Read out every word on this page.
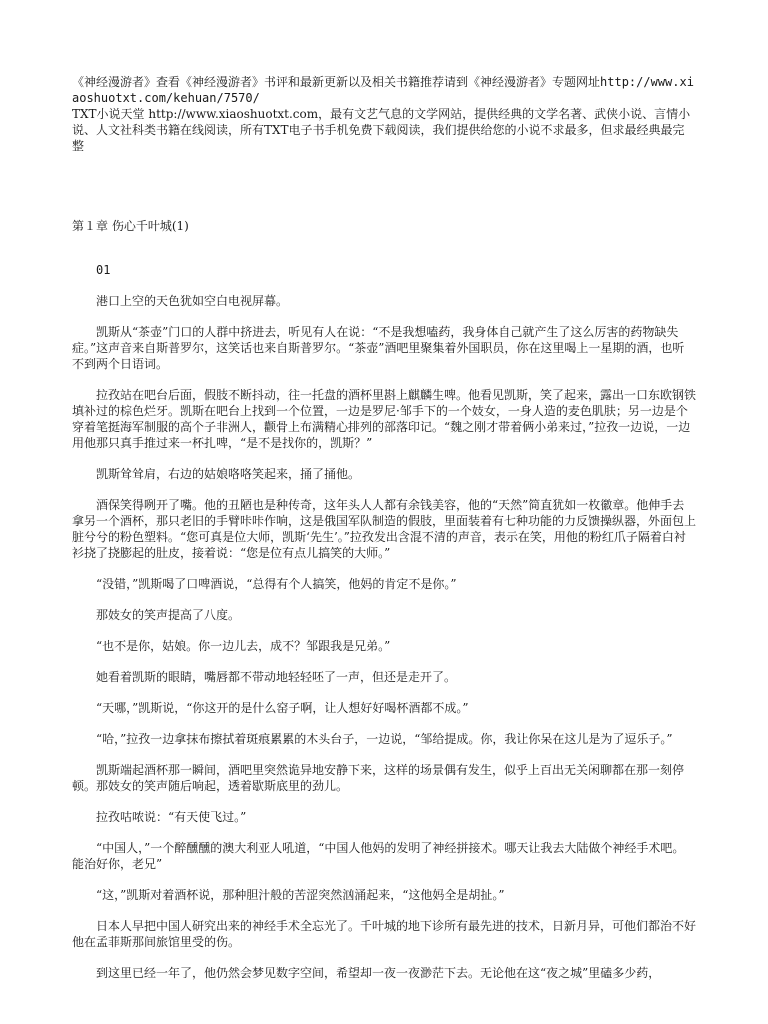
《神经漫游者》查看《神经漫游者》书评和最新更新以及相关书籍推荐请到《神经漫游者》专题网址http://www.xiaoshuotxt.com/kehuan/7570/

TXT小说天堂 http://www.xiaoshuotxt.com，最有文艺气息的文学网站，提供经典的文学名著、武侠小说、言情小说、人文社科类书籍在线阅读，所有TXT电子书手机免费下载阅读，我们提供给您的小说不求最多，但求最经典最完整

第１章 伤心千叶城(1)

01

港口上空的天色犹如空白电视屏幕。

凯斯从“茶壶”门口的人群中挤进去，听见有人在说：“不是我想嗑药，我身体自己就产生了这么厉害的药物缺失症。”这声音来自斯普罗尔，这笑话也来自斯普罗尔。“茶壶”酒吧里聚集着外国职员，你在这里喝上一星期的酒，也听不到两个日语词。

拉孜站在吧台后面，假肢不断抖动，往一托盘的酒杯里斟上麒麟生啤。他看见凯斯，笑了起来，露出一口东欧钢铁填补过的棕色烂牙。凯斯在吧台上找到一个位置，一边是罗尼·邹手下的一个妓女，一身人造的麦色肌肤；另一边是个穿着笔挺海军制服的高个子非洲人，颧骨上布满精心排列的部落印记。“魏之刚才带着俩小弟来过，”拉孜一边说，一边用他那只真手推过来一杯扎啤，“是不是找你的，凯斯？”

凯斯耸耸肩，右边的姑娘咯咯笑起来，捅了捅他。

酒保笑得咧开了嘴。他的丑陋也是种传奇，这年头人人都有余钱美容，他的“天然”简直犹如一枚徽章。他伸手去拿另一个酒杯，那只老旧的手臂咔咔作响，这是俄国军队制造的假肢，里面装着有七种功能的力反馈操纵器，外面包上脏兮兮的粉色塑料。“您可真是位大师，凯斯‘先生’。”拉孜发出含混不清的声音，表示在笑，用他的粉红爪子隔着白衬衫挠了挠膨起的肚皮，接着说：“您是位有点儿搞笑的大师。”

“没错，”凯斯喝了口啤酒说，“总得有个人搞笑，他妈的肯定不是你。”

那妓女的笑声提高了八度。

“也不是你，姑娘。你一边儿去，成不？邹跟我是兄弟。”

她看着凯斯的眼睛，嘴唇都不带动地轻轻呸了一声，但还是走开了。

“天哪，”凯斯说，“你这开的是什么窑子啊，让人想好好喝杯酒都不成。”

“哈，”拉孜一边拿抹布擦拭着斑痕累累的木头台子，一边说，“邹给提成。你，我让你呆在这儿是为了逗乐子。”

凯斯端起酒杯那一瞬间，酒吧里突然诡异地安静下来，这样的场景偶有发生，似乎上百出无关闲聊都在那一刻停顿。那妓女的笑声随后响起，透着歇斯底里的劲儿。

拉孜咕哝说：“有天使飞过。”

“中国人，”一个醉醺醺的澳大利亚人吼道，“中国人他妈的发明了神经拼接术。哪天让我去大陆做个神经手术吧。能治好你，老兄”

“这，”凯斯对着酒杯说，那种胆汁般的苦涩突然汹涌起来，“这他妈全是胡扯。”

日本人早把中国人研究出来的神经手术全忘光了。千叶城的地下诊所有最先进的技术，日新月异，可他们都治不好他在孟菲斯那间旅馆里受的伤。

到这里已经一年了，他仍然会梦见数字空间，希望却一夜一夜渺茫下去。无论他在这“夜之城”里磕多少药，
